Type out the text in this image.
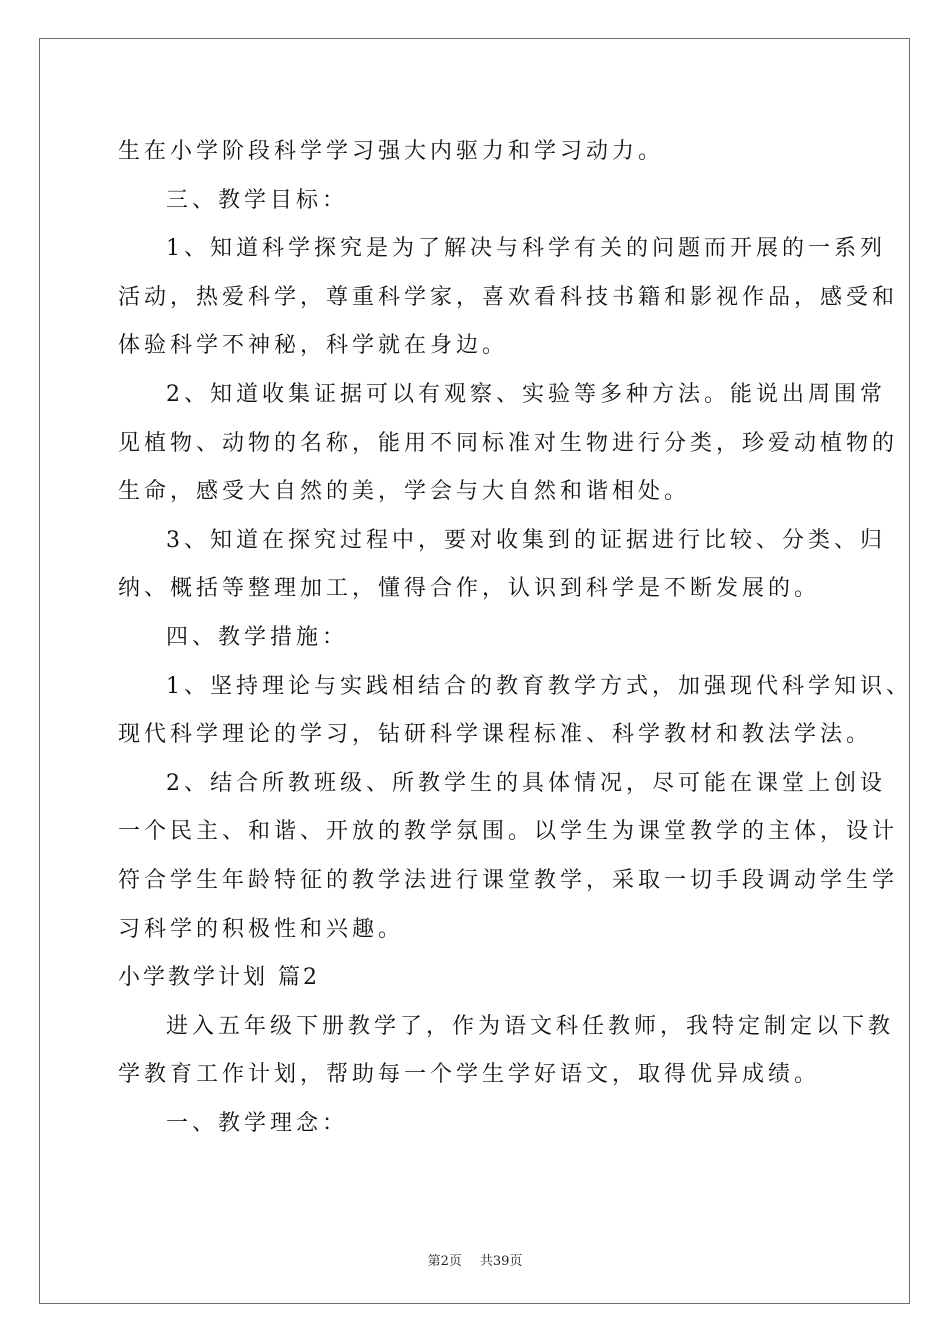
生在小学阶段科学学习强大内驱力和学习动力。

三、教学目标：

1、知道科学探究是为了解决与科学有关的问题而开展的一系列

活动，热爱科学，尊重科学家，喜欢看科技书籍和影视作品，感受和

体验科学不神秘，科学就在身边。

2、知道收集证据可以有观察、实验等多种方法。能说出周围常

见植物、动物的名称，能用不同标准对生物进行分类，珍爱动植物的

生命，感受大自然的美，学会与大自然和谐相处。

3、知道在探究过程中，要对收集到的证据进行比较、分类、归

纳、概括等整理加工，懂得合作，认识到科学是不断发展的。

四、教学措施：

1、坚持理论与实践相结合的教育教学方式，加强现代科学知识、

现代科学理论的学习，钻研科学课程标准、科学教材和教法学法。

2、结合所教班级、所教学生的具体情况，尽可能在课堂上创设

一个民主、和谐、开放的教学氛围。以学生为课堂教学的主体，设计

符合学生年龄特征的教学法进行课堂教学，采取一切手段调动学生学

习科学的积极性和兴趣。

小学教学计划 篇2

进入五年级下册教学了，作为语文科任教师，我特定制定以下教

学教育工作计划，帮助每一个学生学好语文，取得优异成绩。

一、教学理念：

第2页 共39页
